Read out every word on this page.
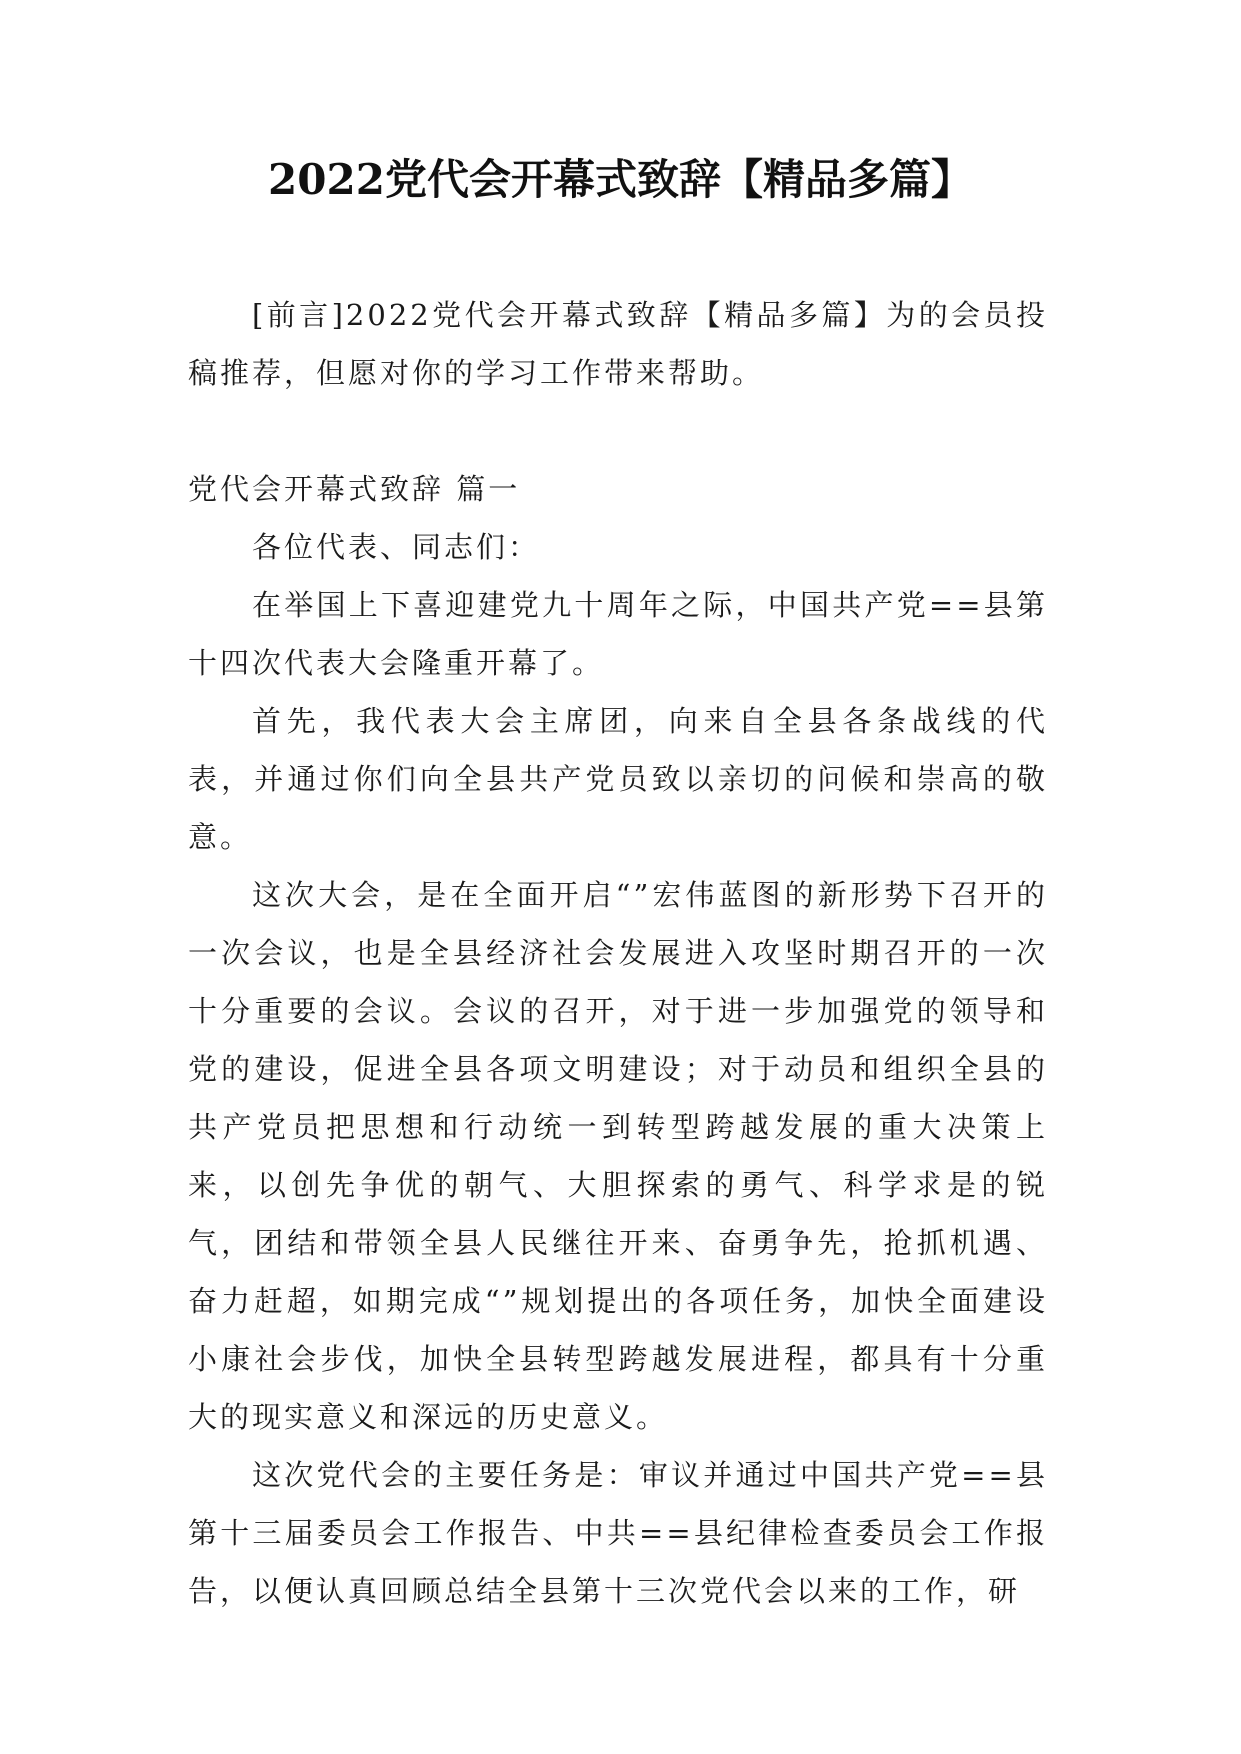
2022党代会开幕式致辞【精品多篇】

[前言]2022党代会开幕式致辞【精品多篇】为的会员投稿推荐，但愿对你的学习工作带来帮助。

党代会开幕式致辞 篇一

各位代表、同志们：

在举国上下喜迎建党九十周年之际，中国共产党==县第十四次代表大会隆重开幕了。

首先，我代表大会主席团，向来自全县各条战线的代表，并通过你们向全县共产党员致以亲切的问候和崇高的敬意。

这次大会，是在全面开启“”宏伟蓝图的新形势下召开的一次会议，也是全县经济社会发展进入攻坚时期召开的一次十分重要的会议。会议的召开，对于进一步加强党的领导和党的建设，促进全县各项文明建设；对于动员和组织全县的共产党员把思想和行动统一到转型跨越发展的重大决策上来，以创先争优的朝气、大胆探索的勇气、科学求是的锐气，团结和带领全县人民继往开来、奋勇争先，抢抓机遇、奋力赶超，如期完成“”规划提出的各项任务，加快全面建设小康社会步伐，加快全县转型跨越发展进程，都具有十分重大的现实意义和深远的历史意义。

这次党代会的主要任务是：审议并通过中国共产党==县第十三届委员会工作报告、中共==县纪律检查委员会工作报告，以便认真回顾总结全县第十三次党代会以来的工作，研
